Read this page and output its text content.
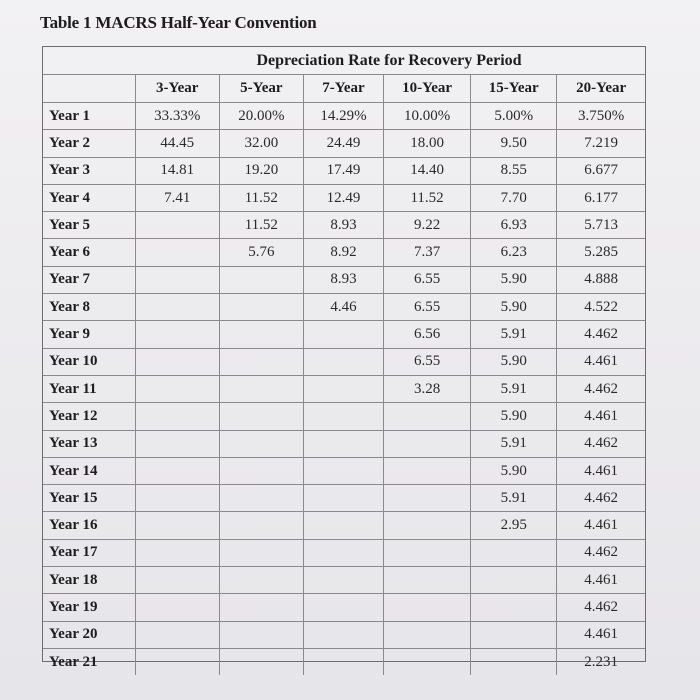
Table 1 MACRS Half-Year Convention
Depreciation Rate for Recovery Period
	3-Year	5-Year	7-Year	10-Year	15-Year	20-Year
Year 1	33.33%	20.00%	14.29%	10.00%	5.00%	3.750%
Year 2	44.45	32.00	24.49	18.00	9.50	7.219
Year 3	14.81	19.20	17.49	14.40	8.55	6.677
Year 4	7.41	11.52	12.49	11.52	7.70	6.177
Year 5		11.52	8.93	9.22	6.93	5.713
Year 6		5.76	8.92	7.37	6.23	5.285
Year 7			8.93	6.55	5.90	4.888
Year 8			4.46	6.55	5.90	4.522
Year 9				6.56	5.91	4.462
Year 10				6.55	5.90	4.461
Year 11				3.28	5.91	4.462
Year 12					5.90	4.461
Year 13					5.91	4.462
Year 14					5.90	4.461
Year 15					5.91	4.462
Year 16					2.95	4.461
Year 17						4.462
Year 18						4.461
Year 19						4.462
Year 20						4.461
Year 21						2.231
